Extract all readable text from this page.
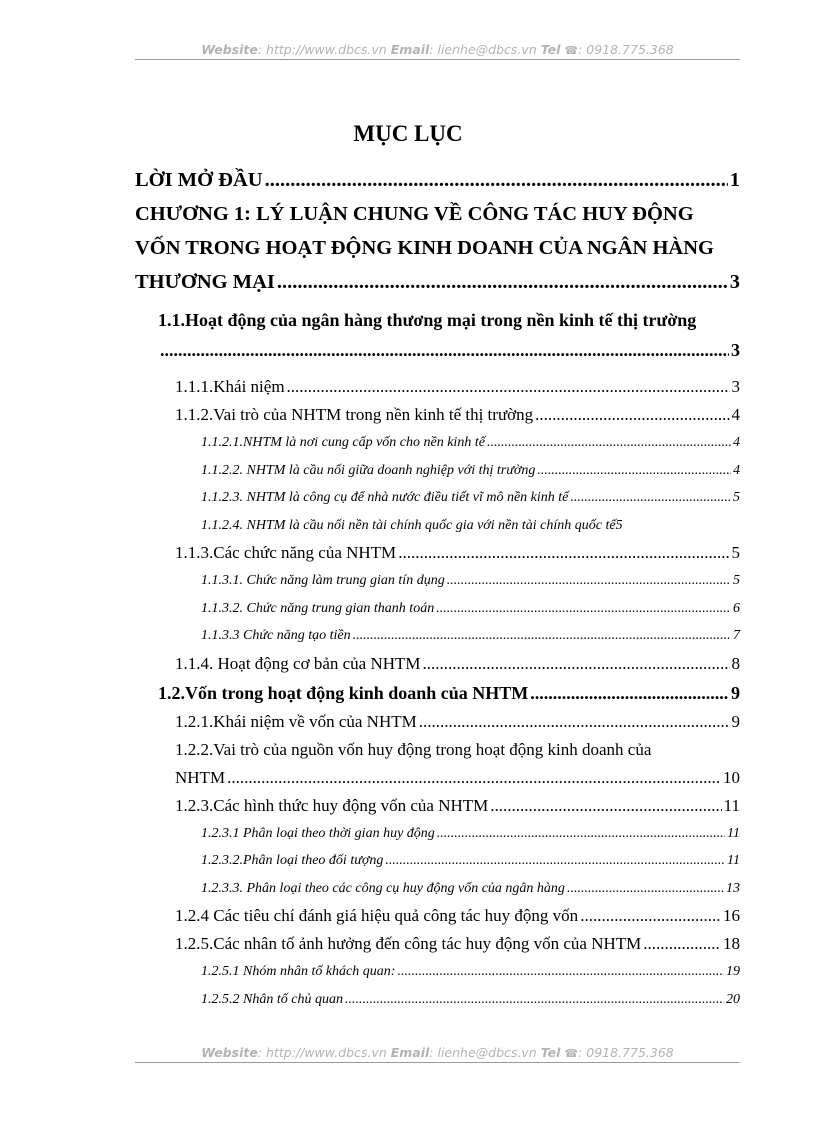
Website: http://www.dbcs.vn Email: lienhe@dbcs.vn Tel ☎: 0918.775.368
MỤC LỤC
LỜI MỞ ĐẦU .....	1
CHƯƠNG 1: LÝ LUẬN CHUNG VỀ CÔNG TÁC HUY ĐỘNG
VỐN TRONG HOẠT ĐỘNG KINH DOANH CỦA NGÂN HÀNG
THƯƠNG MẠI .....	3
1.1.Hoạt động của ngân hàng thương mại trong nền kinh tế thị trường
.....
3
1.1.1.Khái niệm .....	3
1.1.2.Vai trò của NHTM trong nền kinh tế thị trường .....	4
1.1.2.1.NHTM là nơi cung cấp vốn cho nền kinh tế .....	4
1.1.2.2. NHTM là cầu nối giữa doanh nghiệp với thị trường .....	4
1.1.2.3. NHTM là công cụ để nhà nước điều tiết vĩ mô nền kinh tế .....	5
1.1.2.4. NHTM là cầu nối nền tài chính quốc gia với nền tài chính quốc tế 5
1.1.3.Các chức năng của NHTM .....	5
1.1.3.1. Chức năng làm trung gian tín dụng .....	5
1.1.3.2. Chức năng trung gian thanh toán .....	6
1.1.3.3 Chức năng tạo tiền .....	7
1.1.4. Hoạt động cơ bản của NHTM .....	8
1.2.Vốn trong hoạt động kinh doanh của NHTM .....	9
1.2.1.Khái niệm về vốn của NHTM .....	9
1.2.2.Vai trò của nguồn vốn huy động trong hoạt động kinh doanh của
NHTM .....	10
1.2.3.Các hình thức huy động vốn của NHTM .....	11
1.2.3.1 Phân loại theo thời gian huy động .....	11
1.2.3.2.Phân loại theo đối tượng .....	11
1.2.3.3. Phân loại theo các công cụ huy động vốn của ngân hàng .....	13
1.2.4 Các tiêu chí đánh giá hiệu quả công tác huy động vốn .....	16
1.2.5.Các nhân tố ảnh hưởng đến công tác huy động vốn của NHTM .....	18
1.2.5.1 Nhóm nhân tố khách quan: .....	19
1.2.5.2 Nhân tố chủ quan .....	20
Website: http://www.dbcs.vn Email: lienhe@dbcs.vn Tel ☎: 0918.775.368
